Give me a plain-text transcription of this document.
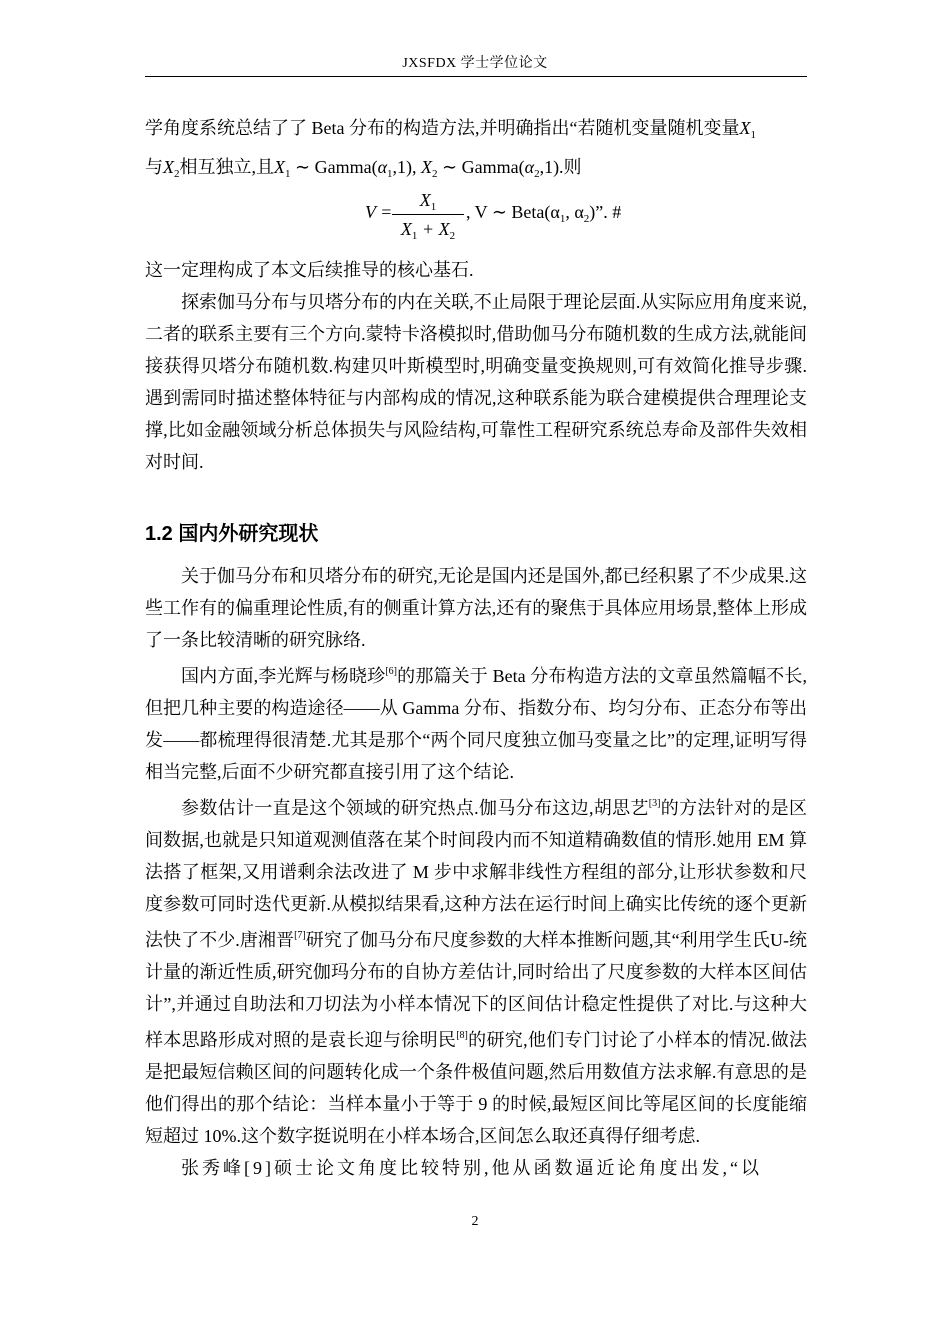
JXSFDX 学士学位论文

学角度系统总结了了 Beta 分布的构造方法,并明确指出“若随机变量随机变量$X_1$

与$X_2$相互独立,且$X_1$ ∼ $Gamma(\alpha_1,1)$, $X_2$ ∼ $Gamma(\alpha_2,1)$.则

V =
$X_1$
$X_1 + X_2$
, V ∼ $Beta(\alpha_1$, $\alpha_2$)”. #

这一定理构成了本文后续推导的核心基石.

探索伽马分布与贝塔分布的内在关联,不止局限于理论层面.从实际应用角度来说,二者的联系主要有三个方向.蒙特卡洛模拟时,借助伽马分布随机数的生成方法,就能间接获得贝塔分布随机数.构建贝叶斯模型时,明确变量变换规则,可有效简化推导步骤.遇到需同时描述整体特征与内部构成的情况,这种联系能为联合建模提供合理理论支撑,比如金融领域分析总体损失与风险结构,可靠性工程研究系统总寿命及部件失效相对时间.

1.2 国内外研究现状

关于伽马分布和贝塔分布的研究,无论是国内还是国外,都已经积累了不少成果.这些工作有的偏重理论性质,有的侧重计算方法,还有的聚焦于具体应用场景,整体上形成了一条比较清晰的研究脉络.

国内方面,李光辉与杨晓珍[6]的那篇关于 Beta 分布构造方法的文章虽然篇幅不长,但把几种主要的构造途径——从 Gamma 分布、指数分布、均匀分布、正态分布等出发——都梳理得很清楚.尤其是那个“两个同尺度独立伽马变量之比”的定理,证明写得相当完整,后面不少研究都直接引用了这个结论.

参数估计一直是这个领域的研究热点.伽马分布这边,胡思艺[3]的方法针对的是区间数据,也就是只知道观测值落在某个时间段内而不知道精确数值的情形.她用 EM 算法搭了框架,又用谱剩余法改进了 M 步中求解非线性方程组的部分,让形状参数和尺度参数可同时迭代更新.从模拟结果看,这种方法在运行时间上确实比传统的逐个更新法快了不少.唐湘晋[7]研究了伽马分布尺度参数的大样本推断问题,其“利用学生氏U-统计量的渐近性质,研究伽玛分布的自协方差估计,同时给出了尺度参数的大样本区间估计”,并通过自助法和刀切法为小样本情况下的区间估计稳定性提供了对比.与这种大样本思路形成对照的是袁长迎与徐明民[8]的研究,他们专门讨论了小样本的情况.做法是把最短信赖区间的问题转化成一个条件极值问题,然后用数值方法求解.有意思的是他们得出的那个结论：当样本量小于等于 9 的时候,最短区间比等尾区间的长度能缩短超过 10%.这个数字挺说明在小样本场合,区间怎么取还真得仔细考虑.

张秀峰[9]硕士论文角度比较特别,他从函数逼近论角度出发,“以

2
